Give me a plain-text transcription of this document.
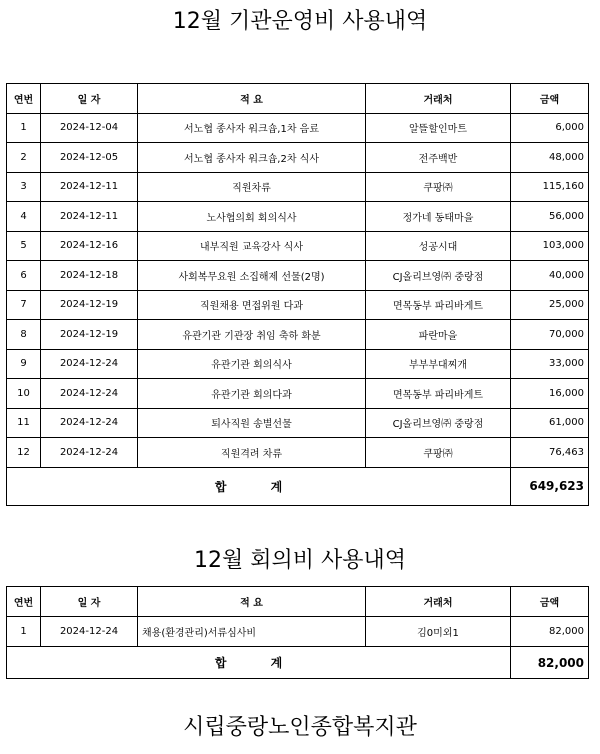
12월 기관운영비 사용내역
연번	일 자	적 요	거래처	금액
1	2024-12-04	서노협 종사자 워크숍,1차 음료	알뜰할인마트	6,000
2	2024-12-05	서노협 종사자 워크숍,2차 식사	전주백반	48,000
3	2024-12-11	직원차류	쿠팡㈜	115,160
4	2024-12-11	노사협의회 회의식사	정가네 동태마을	56,000
5	2024-12-16	내부직원 교육강사 식사	성공시대	103,000
6	2024-12-18	사회복무요원 소집해제 선물(2명)	CJ올리브영㈜ 중랑점	40,000
7	2024-12-19	직원채용 면접위원 다과	면목동부 파리바게트	25,000
8	2024-12-19	유관기관 기관장 취임 축하 화분	파란마을	70,000
9	2024-12-24	유관기관 회의식사	부부부대찌개	33,000
10	2024-12-24	유관기관 회의다과	면목동부 파리바게트	16,000
11	2024-12-24	퇴사직원 송별선물	CJ올리브영㈜ 중랑점	61,000
12	2024-12-24	직원격려 차류	쿠팡㈜	76,463
합 계				649,623
12월 회의비 사용내역
연번	일 자	적 요	거래처	금액
1	2024-12-24	채용(환경관리)서류심사비	김0미외1	82,000
합 계				82,000
시립중랑노인종합복지관
